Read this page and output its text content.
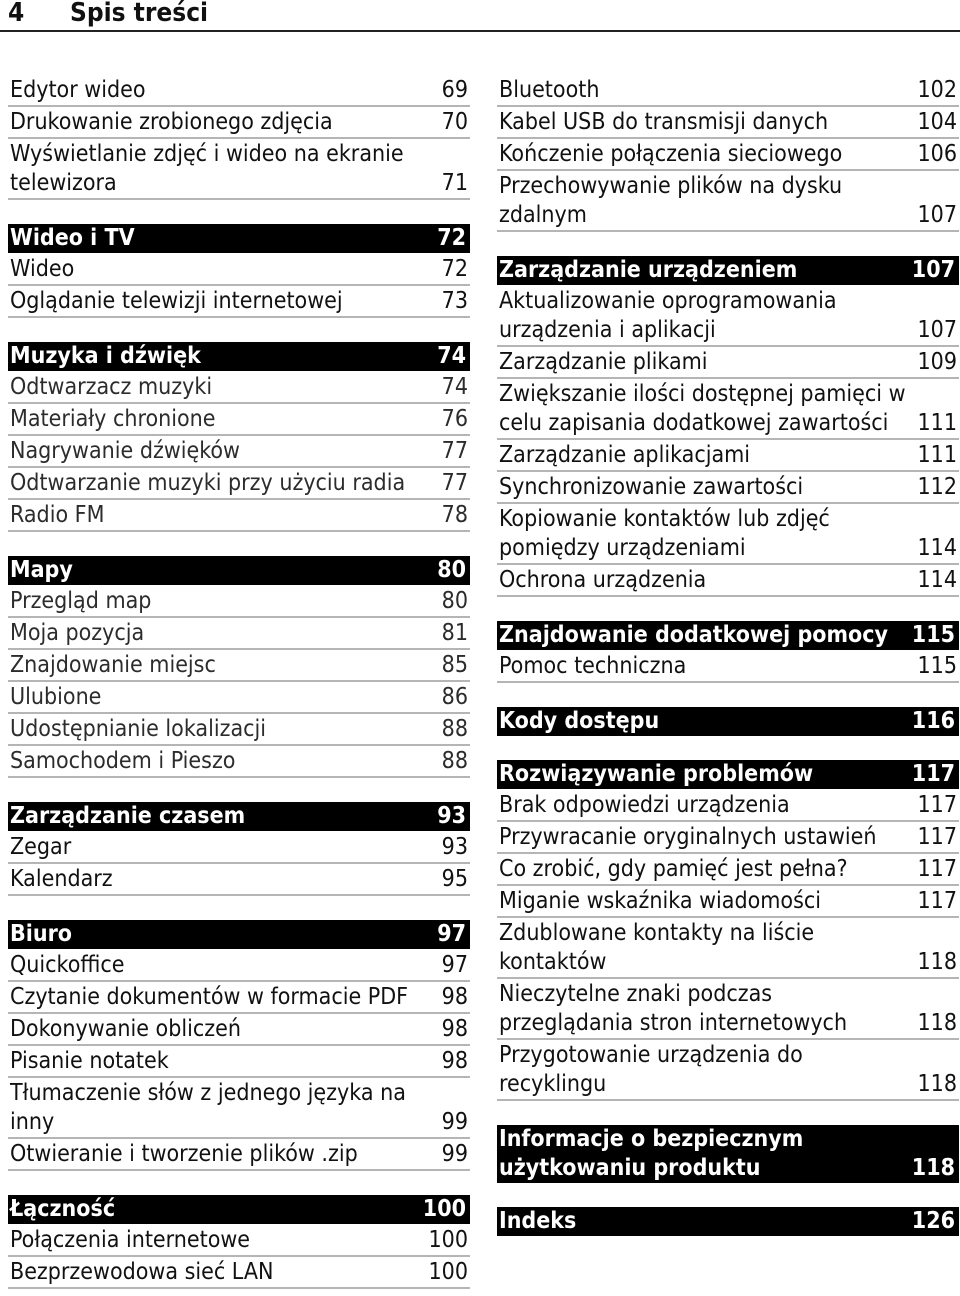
4 Spis treści
Edytor wideo	69
Drukowanie zrobionego zdjęcia	70
Wyświetlanie zdjęć i wideo na ekranie telewizora	71
Wideo i TV	72
Wideo	72
Oglądanie telewizji internetowej	73
Muzyka i dźwięk	74
Odtwarzacz muzyki	74
Materiały chronione	76
Nagrywanie dźwięków	77
Odtwarzanie muzyki przy użyciu radia	77
Radio FM	78
Mapy	80
Przegląd map	80
Moja pozycja	81
Znajdowanie miejsc	85
Ulubione	86
Udostępnianie lokalizacji	88
Samochodem i Pieszo	88
Zarządzanie czasem	93
Zegar	93
Kalendarz	95
Biuro	97
Quickoffice	97
Czytanie dokumentów w formacie PDF	98
Dokonywanie obliczeń	98
Pisanie notatek	98
Tłumaczenie słów z jednego języka na inny	99
Otwieranie i tworzenie plików .zip	99
Łączność	100
Połączenia internetowe	100
Bezprzewodowa sieć LAN	100
Bluetooth	102
Kabel USB do transmisji danych	104
Kończenie połączenia sieciowego	106
Przechowywanie plików na dysku zdalnym	107
Zarządzanie urządzeniem	107
Aktualizowanie oprogramowania urządzenia i aplikacji	107
Zarządzanie plikami	109
Zwiększanie ilości dostępnej pamięci w celu zapisania dodatkowej zawartości	111
Zarządzanie aplikacjami	111
Synchronizowanie zawartości	112
Kopiowanie kontaktów lub zdjęć pomiędzy urządzeniami	114
Ochrona urządzenia	114
Znajdowanie dodatkowej pomocy	115
Pomoc techniczna	115
Kody dostępu	116
Rozwiązywanie problemów	117
Brak odpowiedzi urządzenia	117
Przywracanie oryginalnych ustawień	117
Co zrobić, gdy pamięć jest pełna?	117
Miganie wskaźnika wiadomości	117
Zdublowane kontakty na liście kontaktów	118
Nieczytelne znaki podczas przeglądania stron internetowych	118
Przygotowanie urządzenia do recyklingu	118
Informacje o bezpiecznym użytkowaniu produktu	118
Indeks	126
